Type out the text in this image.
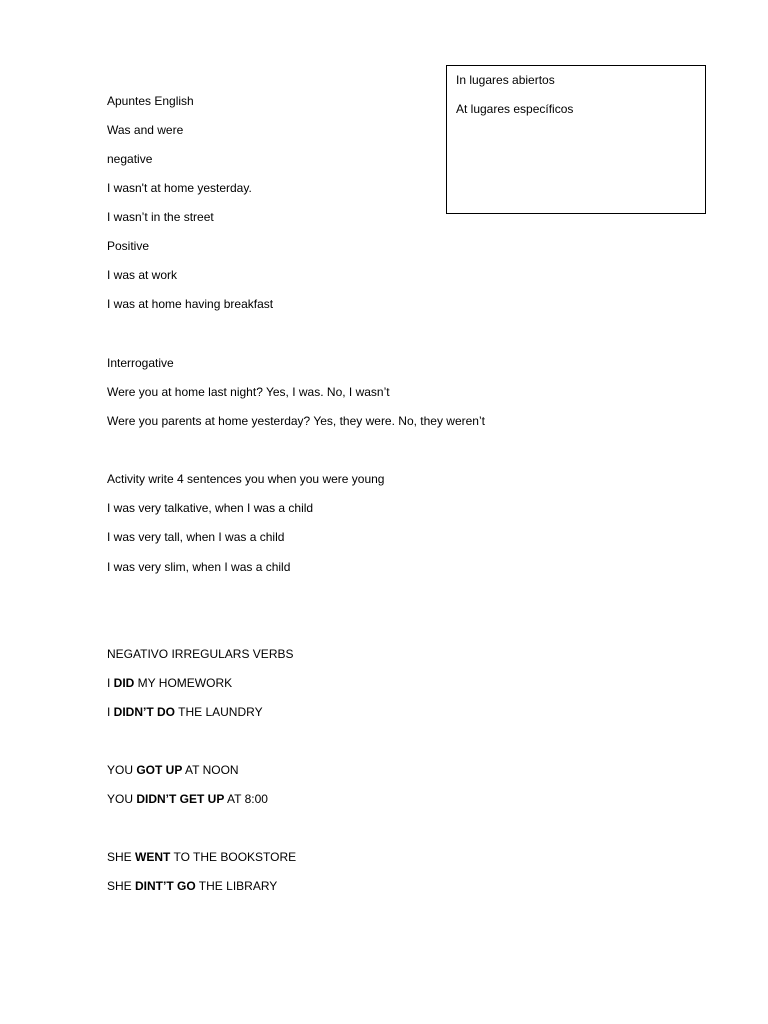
In lugares abiertos

At lugares específicos

Apuntes English

Was and were

negative

I wasn't at home yesterday.

I wasn’t in the street

Positive

I was at work

I was at home having breakfast

Interrogative

Were you at home last night? Yes, I was. No, I wasn’t

Were you parents at home yesterday? Yes, they were. No, they weren’t

Activity write 4 sentences you when you were young

I was very talkative, when I was a child

I was very tall, when I was a child

I was very slim, when I was a child

NEGATIVO IRREGULARS VERBS

I DID MY HOMEWORK

I DIDN’T DO THE LAUNDRY

YOU GOT UP AT NOON

YOU DIDN’T GET UP AT 8:00

SHE WENT TO THE BOOKSTORE

SHE DINT’T GO THE LIBRARY
